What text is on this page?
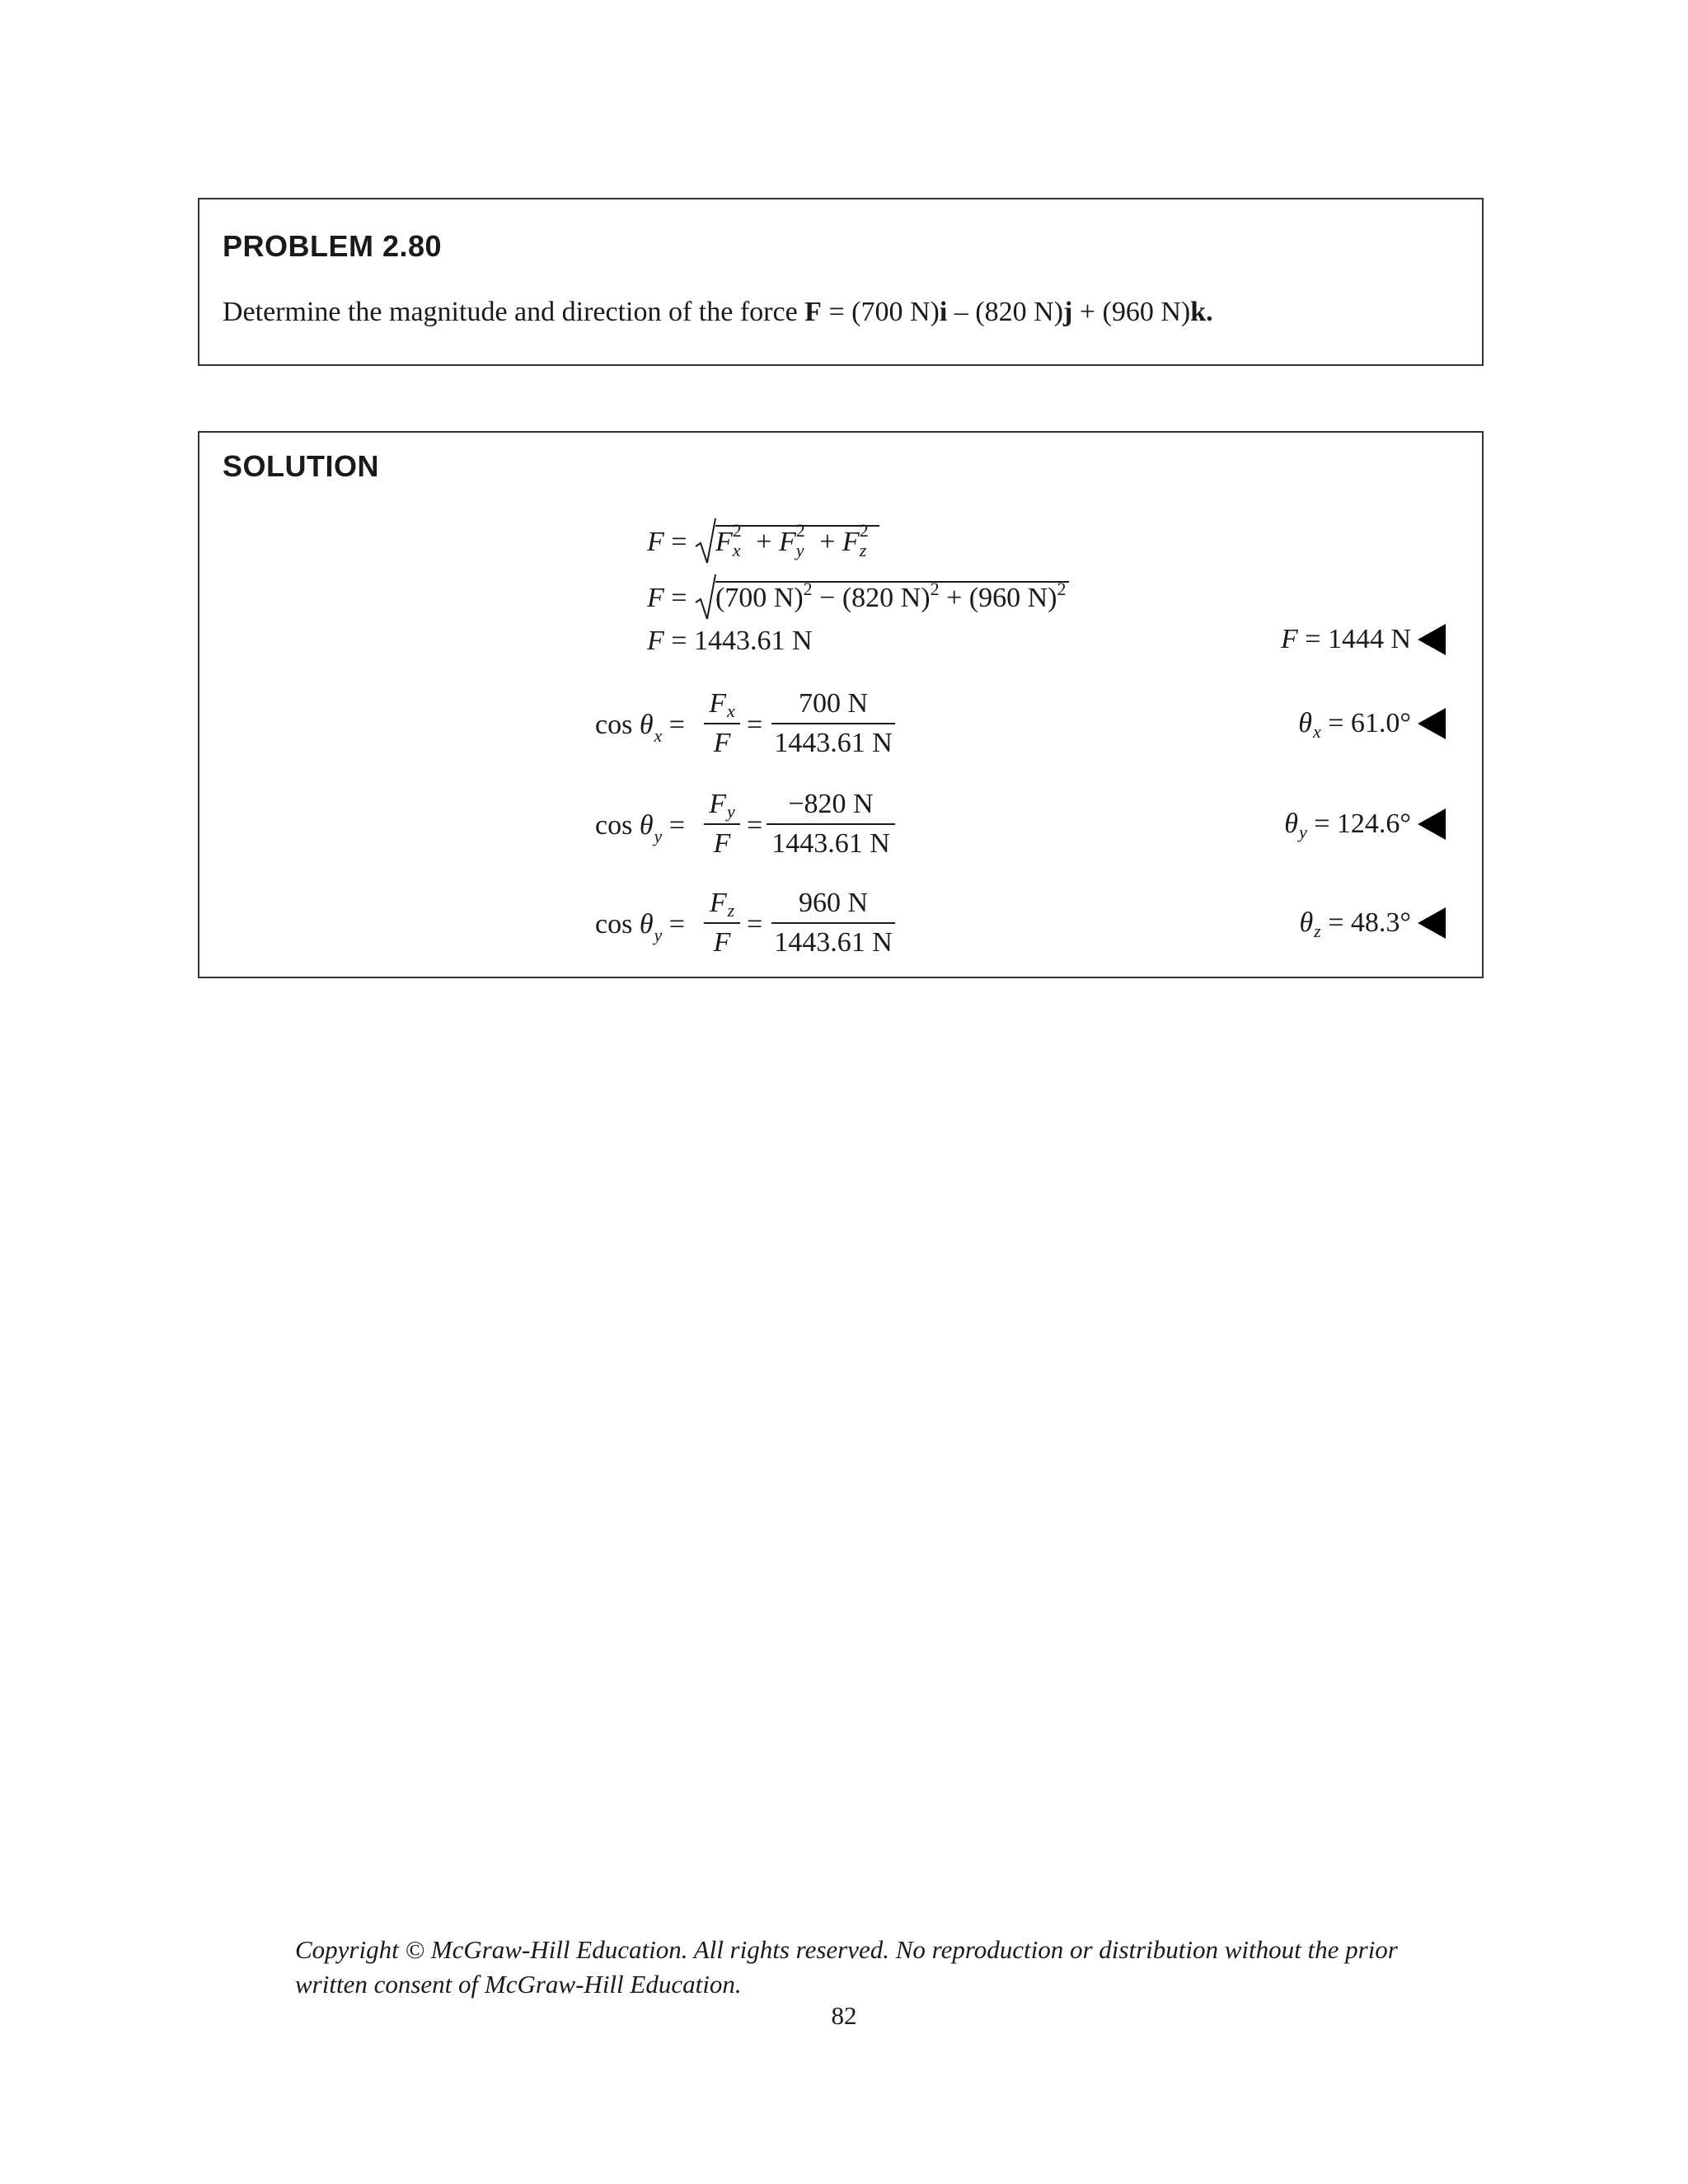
PROBLEM 2.80
Determine the magnitude and direction of the force F = (700 N)i – (820 N)j + (960 N)k.
SOLUTION
F =
F 2
x + F 2
y + F 2
z
F =
(700 N)$^2$ − (820 N)$^2$ + (960 N)$^2$
F = 1443.61 N	F = 1444 N
$\cos \theta_x$ =
Fx
F
=
700 N
1443.61 N
θ x = 61.0°
$\cos \theta_y$ =
Fy
F
=
−820 N
1443.61 N
θ y = 124.6°
$\cos \theta_y$ =
Fz
F
=
960 N
1443.61 N
θ z = 48.3°
Copyright © McGraw-Hill Education. All rights reserved. No reproduction or distribution without the prior
written consent of McGraw-Hill Education.
82
